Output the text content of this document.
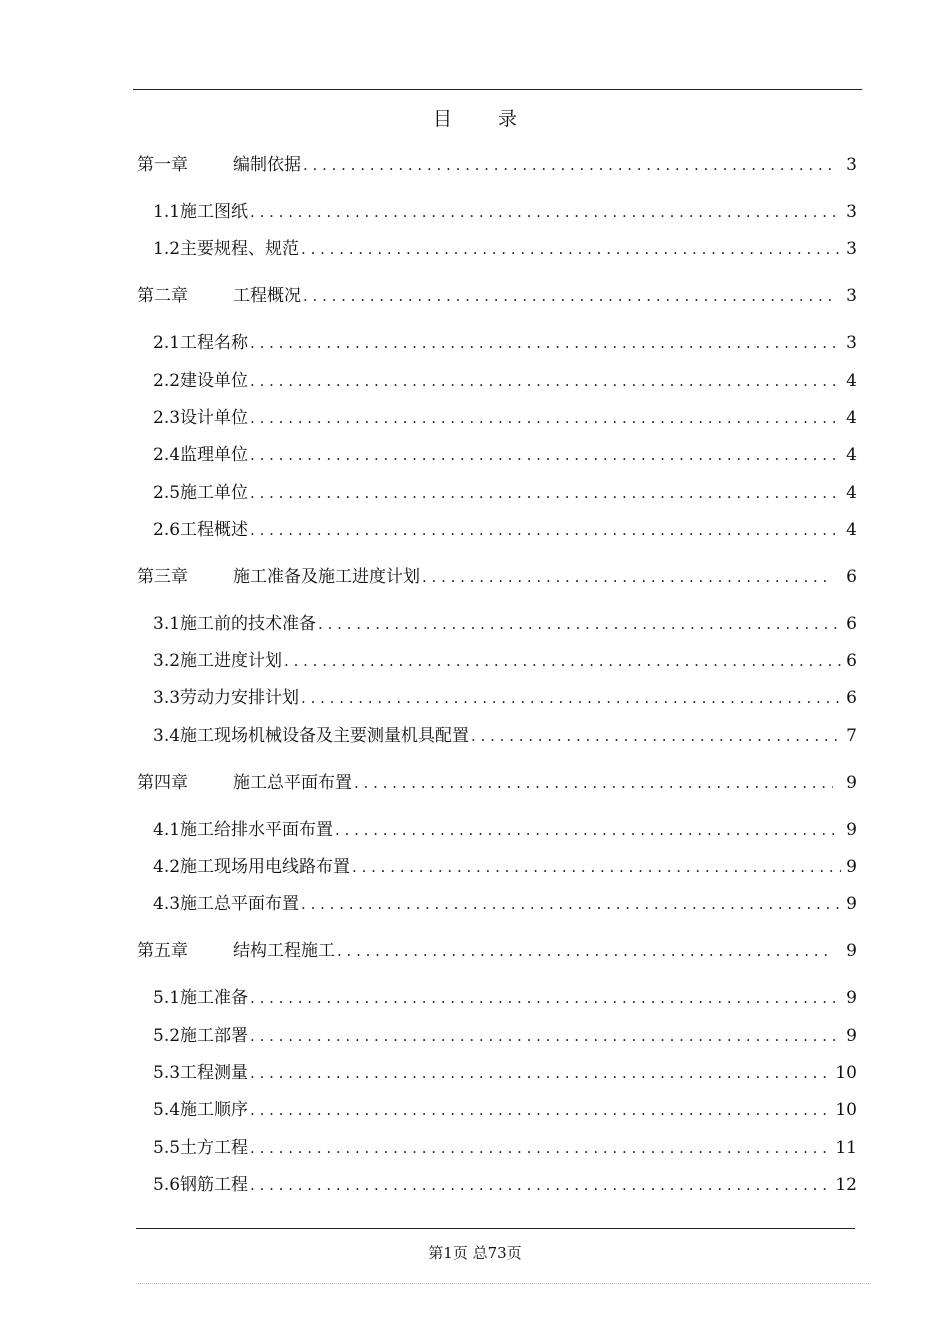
目 录
第一章	编制依据 . . .	3
1.1 施工图纸 . . .	3
1.2 主要规程、规范 . . .	3
第二章	工程概况 . . .	3
2.1 工程名称 . . .	3
2.2 建设单位 . . .	4
2.3 设计单位 . . .	4
2.4 监理单位 . . .	4
2.5 施工单位 . . .	4
2.6 工程概述 . . .	4
第三章	施工准备及施工进度计划 . . .	6
3.1 施工前的技术准备 . . .	6
3.2 施工进度计划 . . .	6
3.3 劳动力安排计划 . . .	6
3.4 施工现场机械设备及主要测量机具配置 . . .	7
第四章	施工总平面布置 . . .	9
4.1 施工给排水平面布置 . . .	9
4.2 施工现场用电线路布置 . . .	9
4.3 施工总平面布置 . . .	9
第五章	结构工程施工 . . .	9
5.1 施工准备 . . .	9
5.2 施工部署 . . .	9
5.3 工程测量 . . .	10
5.4 施工顺序 . . .	10
5.5 土方工程 . . .	11
5.6 钢筋工程 . . .	12
第1页 总73页
